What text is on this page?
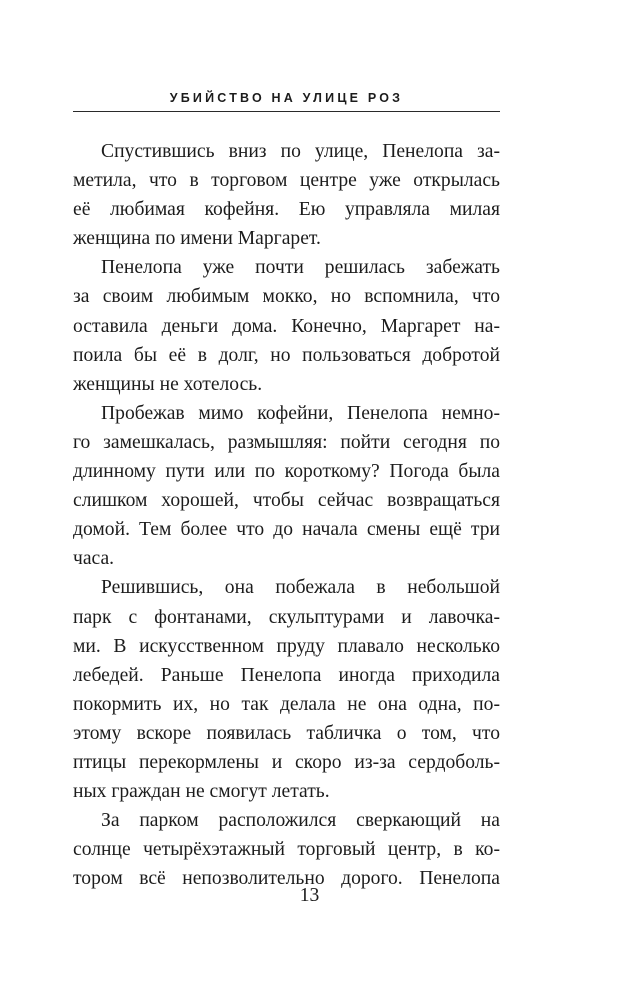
УБИЙСТВО НА УЛИЦЕ РОЗ
Спустившись вниз по улице, Пенелопа за-
метила, что в торговом центре уже открылась
её любимая кофейня. Ею управляла милая
женщина по имени Маргарет.
Пенелопа уже почти решилась забежать
за своим любимым мокко, но вспомнила, что
оставила деньги дома. Конечно, Маргарет на-
поила бы её в долг, но пользоваться добротой
женщины не хотелось.
Пробежав мимо кофейни, Пенелопа немно-
го замешкалась, размышляя: пойти сегодня по
длинному пути или по короткому? Погода была
слишком хорошей, чтобы сейчас возвращаться
домой. Тем более что до начала смены ещё три
часа.
Решившись, она побежала в небольшой
парк с фонтанами, скульптурами и лавочка-
ми. В искусственном пруду плавало несколько
лебедей. Раньше Пенелопа иногда приходила
покормить их, но так делала не она одна, по-
этому вскоре появилась табличка о том, что
птицы перекормлены и скоро из-за сердоболь-
ных граждан не смогут летать.
За парком расположился сверкающий на
солнце четырёхэтажный торговый центр, в ко-
тором всё непозволительно дорого. Пенелопа
13
